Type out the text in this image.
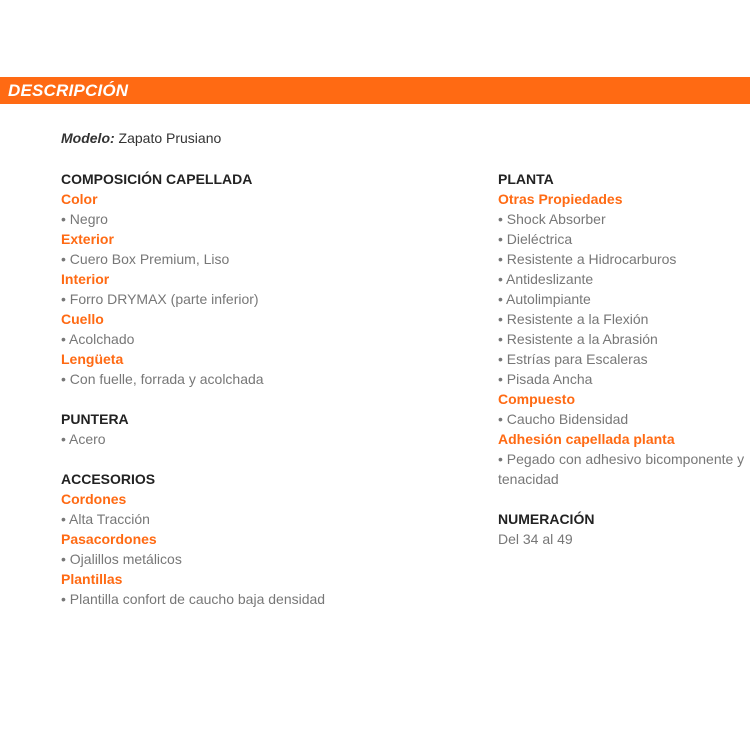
DESCRIPCIÓN
Modelo: Zapato Prusiano
COMPOSICIÓN CAPELLADA
Color
• Negro
Exterior
• Cuero Box Premium, Liso
Interior
• Forro DRYMAX (parte inferior)
Cuello
• Acolchado
Lengüeta
• Con fuelle, forrada y acolchada
PUNTERA
• Acero
ACCESORIOS
Cordones
• Alta Tracción
Pasacordones
• Ojalillos metálicos
Plantillas
• Plantilla confort de caucho baja densidad
PLANTA
Otras Propiedades
• Shock Absorber
• Dieléctrica
• Resistente a Hidrocarburos
• Antideslizante
• Autolimpiante
• Resistente a la Flexión
• Resistente a la Abrasión
• Estrías para Escaleras
• Pisada Ancha
Compuesto
• Caucho Bidensidad
Adhesión capellada planta
• Pegado con adhesivo bicomponente y tenacidad
NUMERACIÓN
Del 34 al 49
